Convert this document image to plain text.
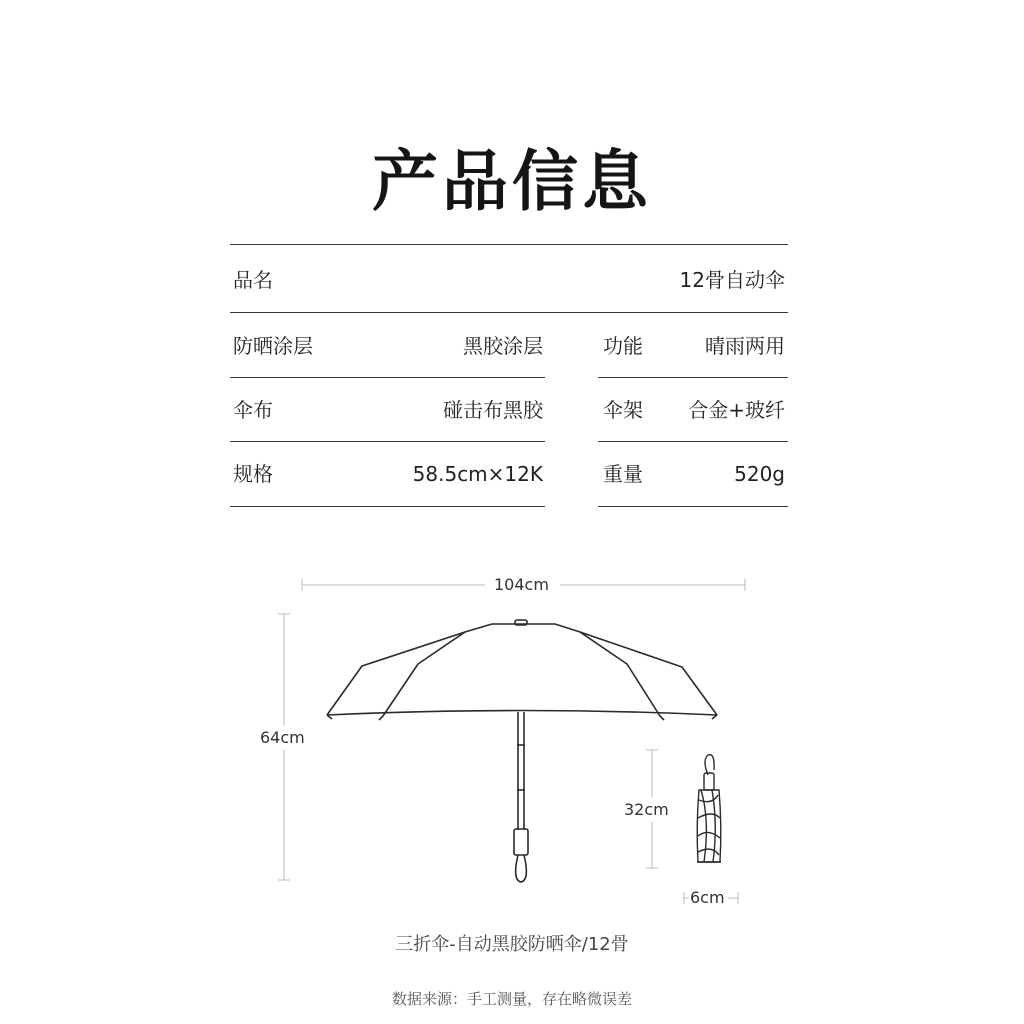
产品信息
品名	12骨自动伞
防晒涂层	黑胶涂层	功能	晴雨两用
伞布	碰击布黑胶	伞架	合金+玻纤
规格	58.5cm×12K	重量	520g
104cm
64cm
32cm
6cm
三折伞-自动黑胶防晒伞/12骨
数据来源：手工测量，存在略微误差
